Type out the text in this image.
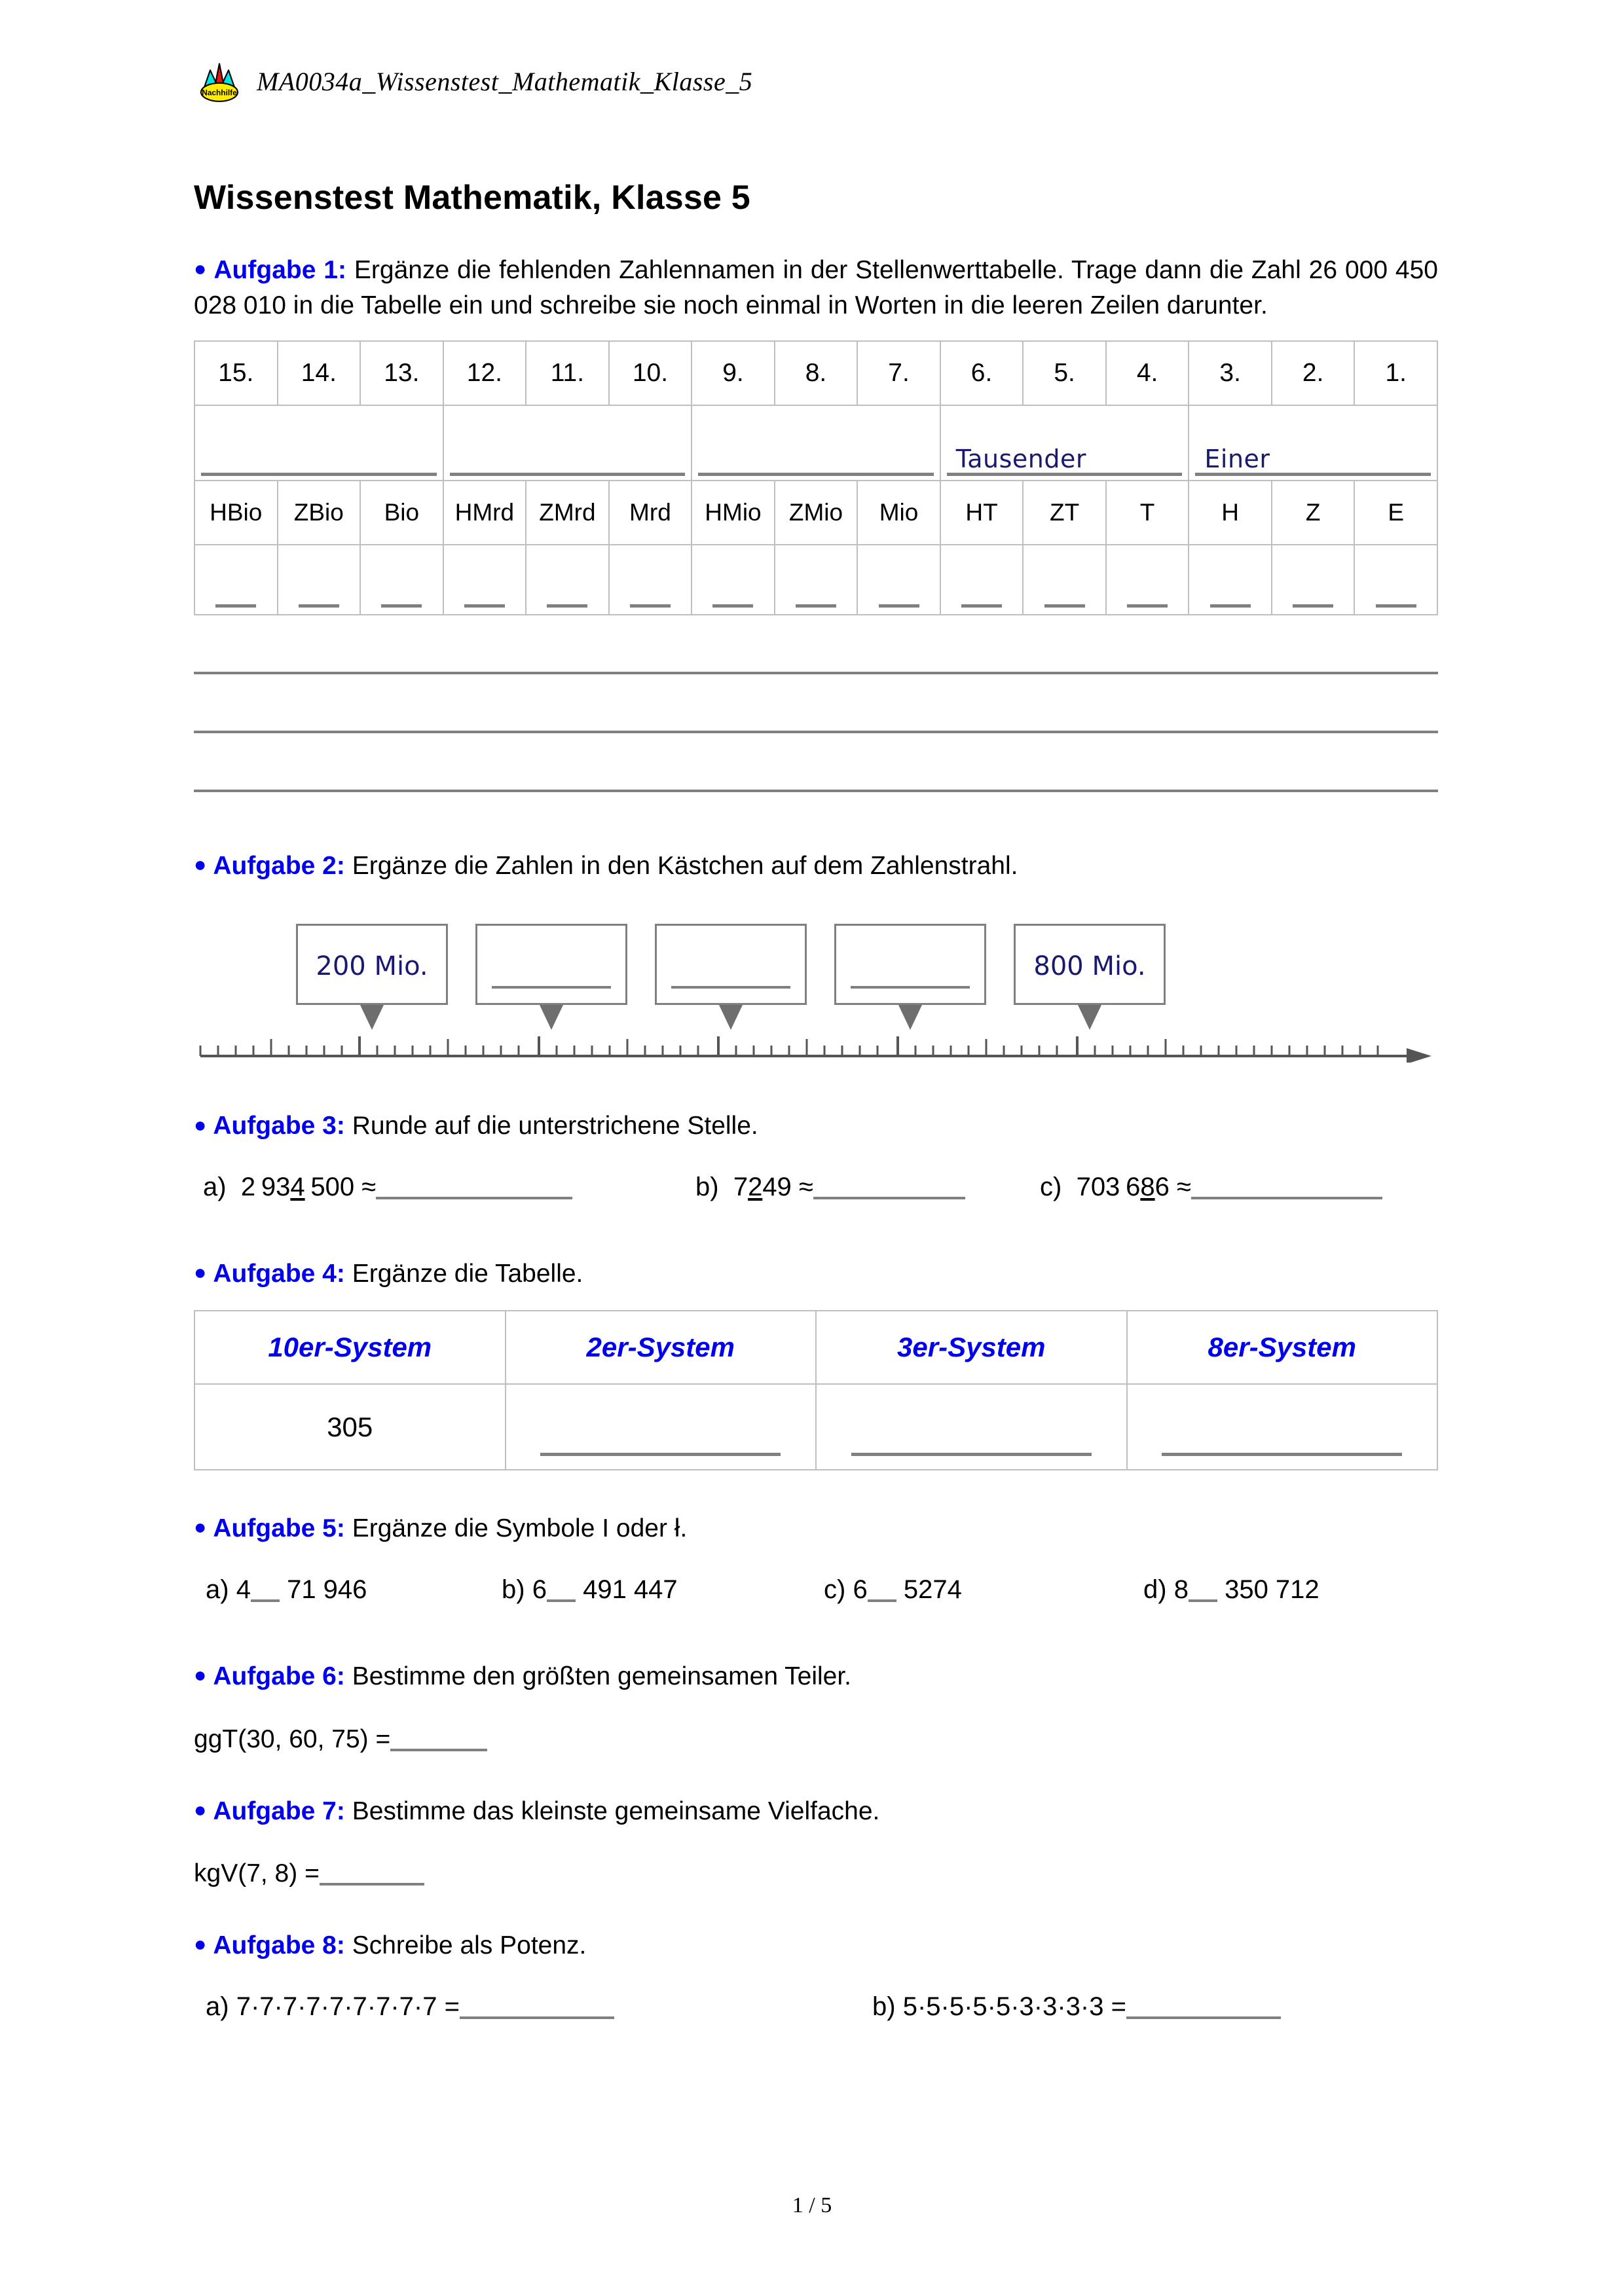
Nachhilfe MA0034a_Wissenstest_Mathematik_Klasse_5
Wissenstest Mathematik, Klasse 5

● Aufgabe 1: Ergänze die fehlenden Zahlennamen in der Stellenwerttabelle. Trage dann die Zahl 26 000 450 028 010 in die Tabelle ein und schreibe sie noch einmal in Worten in die leeren Zeilen darunter.

15.	14.	13.	12.	11.	10.	9.	8.	7.	6.	5.	4.	3.	2.	1.

									Tausender			Einer		

HBio	ZBio	Bio	HMrd	ZMrd	Mrd	HMio	ZMio	Mio	HT	ZT	T	H	Z	E

● Aufgabe 2: Ergänze die Zahlen in den Kästchen auf dem Zahlenstrahl.

200 Mio.	800 Mio.

● Aufgabe 3: Runde auf die unterstrichene Stelle.

a)  2 934 500 ≈	b)  7249 ≈	c)  703 686 ≈

● Aufgabe 4: Ergänze die Tabelle.

10er-System	2er-System	3er-System	8er-System
305	

● Aufgabe 5: Ergänze die Symbole I oder ł.

a) 4 71 946	b) 6 491 447	c) 6 5274	d) 8 350 712

● Aufgabe 6: Bestimme den größten gemeinsamen Teiler.

ggT(30, 60, 75) =

● Aufgabe 7: Bestimme das kleinste gemeinsame Vielfache.

kgV(7, 8) =

● Aufgabe 8: Schreibe als Potenz.

a) 7·7·7·7·7·7·7·7·7 =	b) 5·5·5·5·5·3·3·3·3 =
1 / 5
